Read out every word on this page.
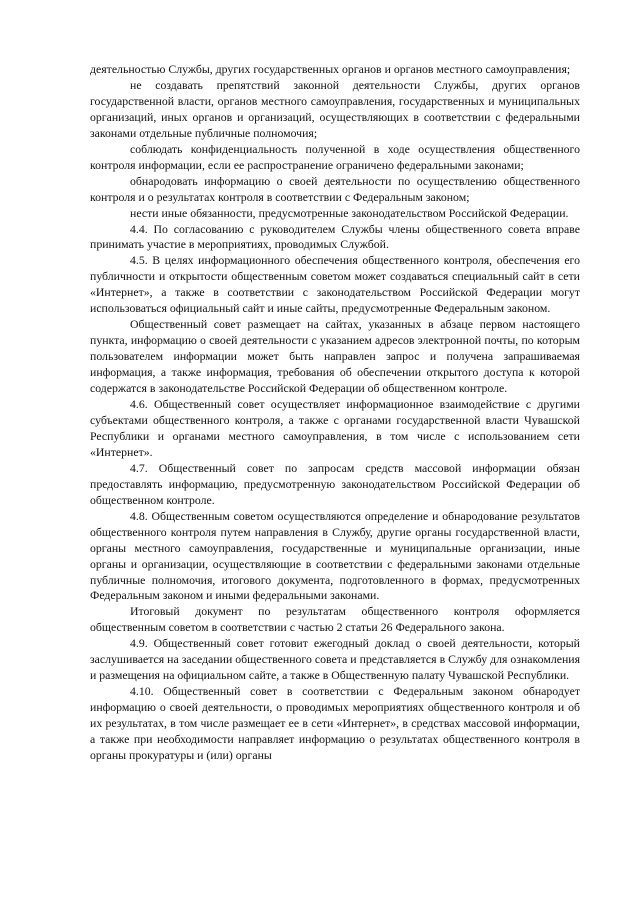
деятельностью Службы, других государственных органов и органов местного самоуправления;

не создавать препятствий законной деятельности Службы, других органов государственной власти, органов местного самоуправления, государственных и муниципальных организаций, иных органов и организаций, осуществляющих в соответствии с федеральными законами отдельные публичные полномочия;

соблюдать конфиденциальность полученной в ходе осуществления общественного контроля информации, если ее распространение ограничено федеральными законами;

обнародовать информацию о своей деятельности по осуществлению общественного контроля и о результатах контроля в соответствии с Федеральным законом;

нести иные обязанности, предусмотренные законодательством Российской Федерации.

4.4. По согласованию с руководителем Службы члены общественного совета вправе принимать участие в мероприятиях, проводимых Службой.

4.5. В целях информационного обеспечения общественного контроля, обеспечения его публичности и открытости общественным советом может создаваться специальный сайт в сети «Интернет», а также в соответствии с законодательством Российской Федерации могут использоваться официальный сайт и иные сайты, предусмотренные Федеральным законом.

Общественный совет размещает на сайтах, указанных в абзаце первом настоящего пункта, информацию о своей деятельности с указанием адресов электронной почты, по которым пользователем информации может быть направлен запрос и получена запрашиваемая информация, а также информация, требования об обеспечении открытого доступа к которой содержатся в законодательстве Российской Федерации об общественном контроле.

4.6. Общественный совет осуществляет информационное взаимодействие с другими субъектами общественного контроля, а также с органами государственной власти Чувашской Республики и органами местного самоуправления, в том числе с использованием сети «Интернет».

4.7. Общественный совет по запросам средств массовой информации обязан предоставлять информацию, предусмотренную законодательством Российской Федерации об общественном контроле.

4.8. Общественным советом осуществляются определение и обнародование результатов общественного контроля путем направления в Службу, другие органы государственной власти, органы местного самоуправления, государственные и муниципальные организации, иные органы и организации, осуществляющие в соответствии с федеральными законами отдельные публичные полномочия, итогового документа, подготовленного в формах, предусмотренных Федеральным законом и иными федеральными законами.

Итоговый документ по результатам общественного контроля оформляется общественным советом в соответствии с частью 2 статьи 26 Федерального закона.

4.9. Общественный совет готовит ежегодный доклад о своей деятельности, который заслушивается на заседании общественного совета и представляется в Службу для ознакомления и размещения на официальном сайте, а также в Общественную палату Чувашской Республики.

4.10. Общественный совет в соответствии с Федеральным законом обнародует информацию о своей деятельности, о проводимых мероприятиях общественного контроля и об их результатах, в том числе размещает ее в сети «Интернет», в средствах массовой информации, а также при необходимости направляет информацию о результатах общественного контроля в органы прокуратуры и (или) органы
